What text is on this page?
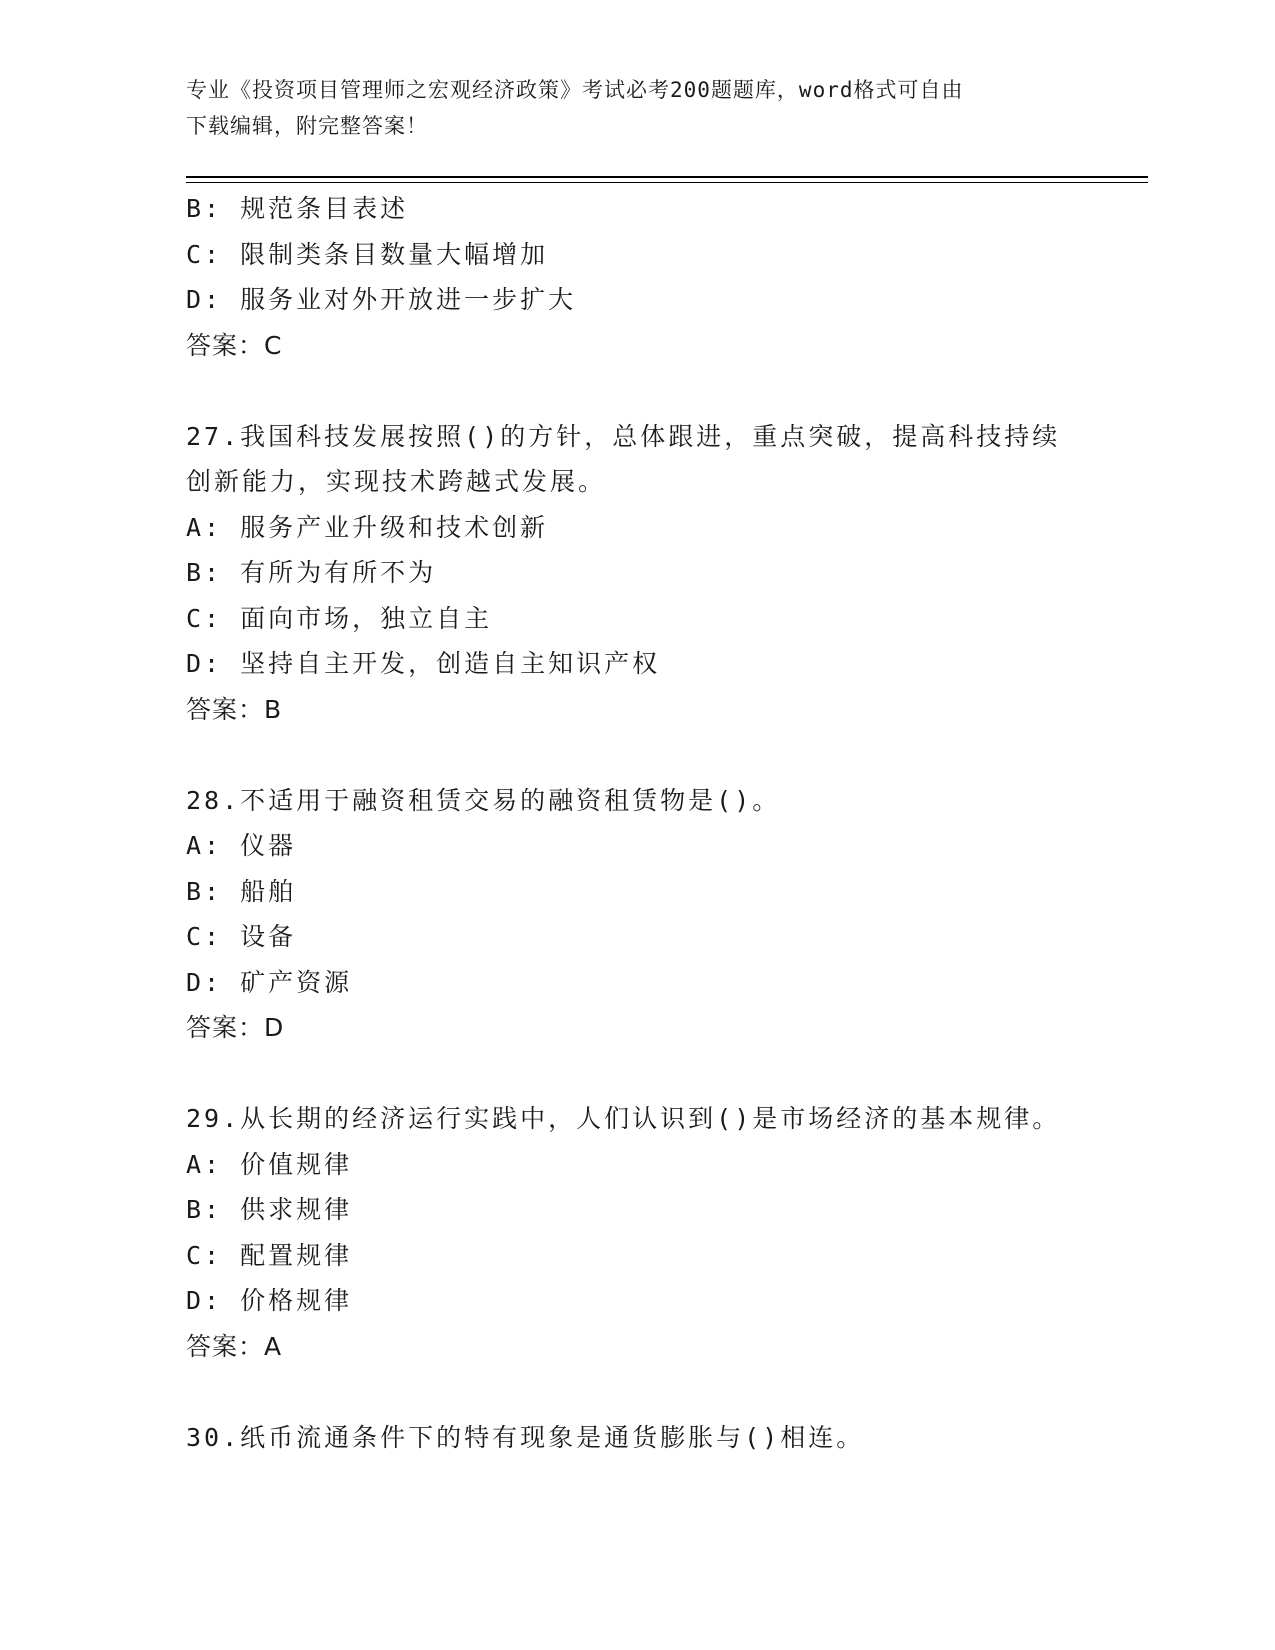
专业《投资项目管理师之宏观经济政策》考试必考200题题库，word格式可自由
下载编辑，附完整答案！
B: 规范条目表述
C: 限制类条目数量大幅增加
D: 服务业对外开放进一步扩大
答案：C
27.我国科技发展按照()的方针，总体跟进，重点突破，提高科技持续
创新能力，实现技术跨越式发展。
A: 服务产业升级和技术创新
B: 有所为有所不为
C: 面向市场，独立自主
D: 坚持自主开发，创造自主知识产权
答案：B
28.不适用于融资租赁交易的融资租赁物是()。
A: 仪器
B: 船舶
C: 设备
D: 矿产资源
答案：D
29.从长期的经济运行实践中，人们认识到()是市场经济的基本规律。
A: 价值规律
B: 供求规律
C: 配置规律
D: 价格规律
答案：A
30.纸币流通条件下的特有现象是通货膨胀与()相连。
